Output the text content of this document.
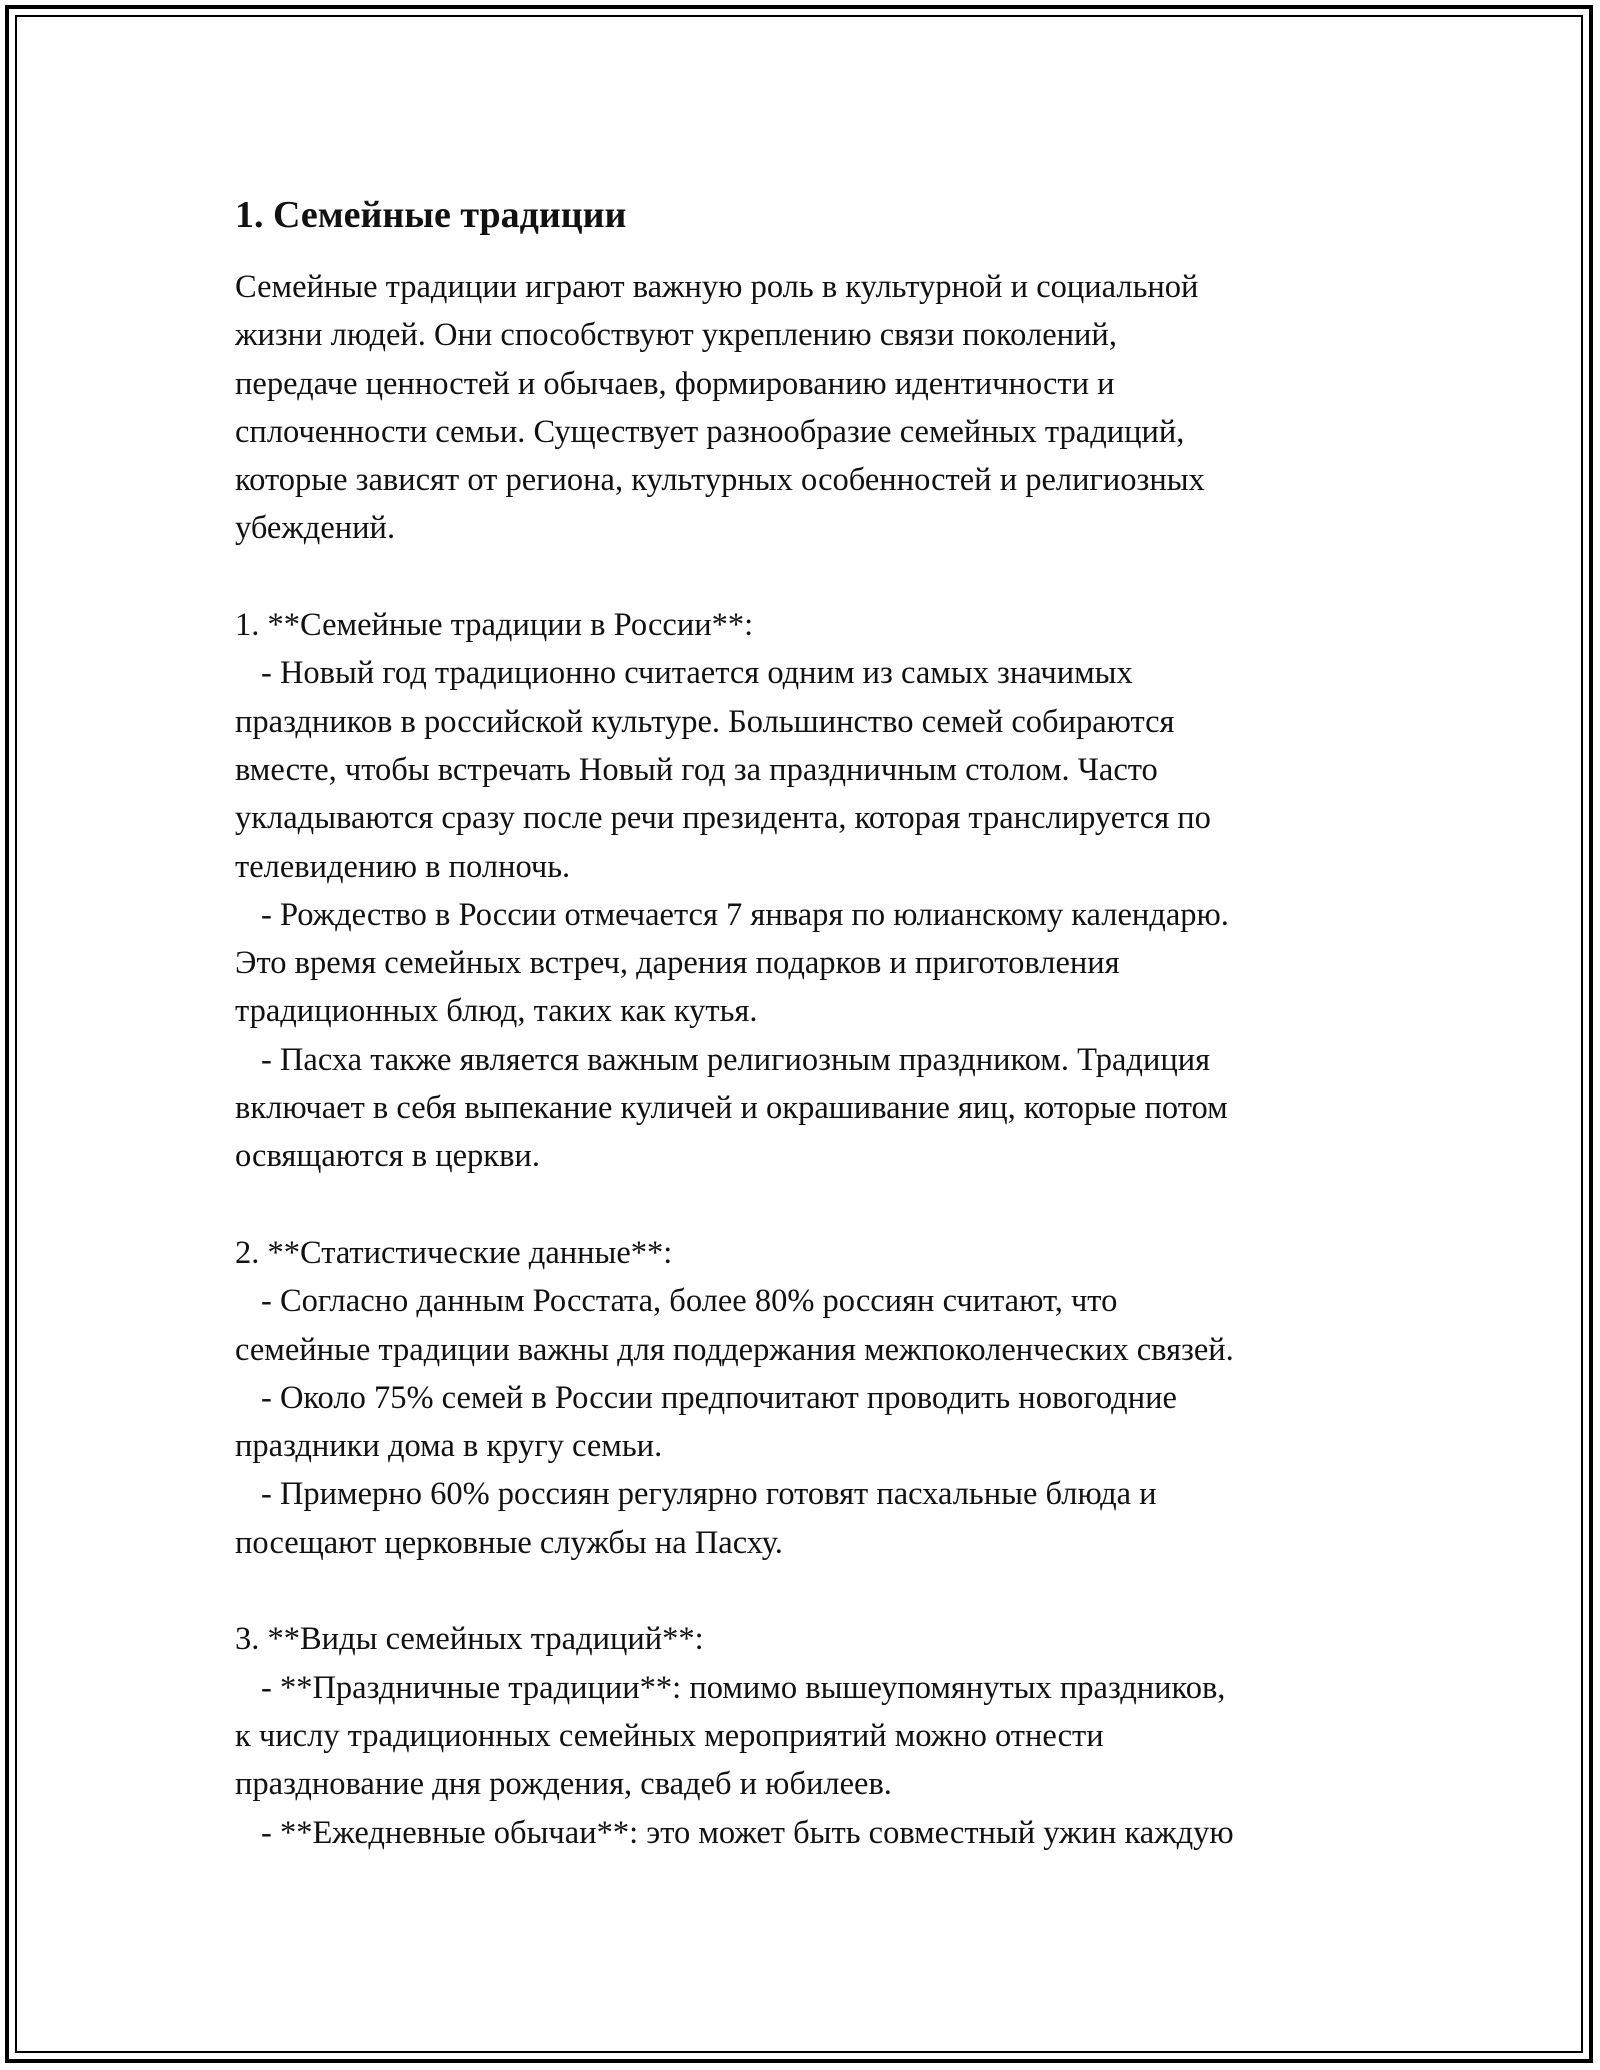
1. Семейные традиции
Семейные традиции играют важную роль в культурной и социальной
жизни людей. Они способствуют укреплению связи поколений,
передаче ценностей и обычаев, формированию идентичности и
сплоченности семьи. Существует разнообразие семейных традиций,
которые зависят от региона, культурных особенностей и религиозных
убеждений.
1. **Семейные традиции в России**:
- Новый год традиционно считается одним из самых значимых
праздников в российской культуре. Большинство семей собираются
вместе, чтобы встречать Новый год за праздничным столом. Часто
укладываются сразу после речи президента, которая транслируется по
телевидению в полночь.
- Рождество в России отмечается 7 января по юлианскому календарю.
Это время семейных встреч, дарения подарков и приготовления
традиционных блюд, таких как кутья.
- Пасха также является важным религиозным праздником. Традиция
включает в себя выпекание куличей и окрашивание яиц, которые потом
освящаются в церкви.
2. **Статистические данные**:
- Согласно данным Росстата, более 80% россиян считают, что
семейные традиции важны для поддержания межпоколенческих связей.
- Около 75% семей в России предпочитают проводить новогодние
праздники дома в кругу семьи.
- Примерно 60% россиян регулярно готовят пасхальные блюда и
посещают церковные службы на Пасху.
3. **Виды семейных традиций**:
- **Праздничные традиции**: помимо вышеупомянутых праздников,
к числу традиционных семейных мероприятий можно отнести
празднование дня рождения, свадеб и юбилеев.
- **Ежедневные обычаи**: это может быть совместный ужин каждую
